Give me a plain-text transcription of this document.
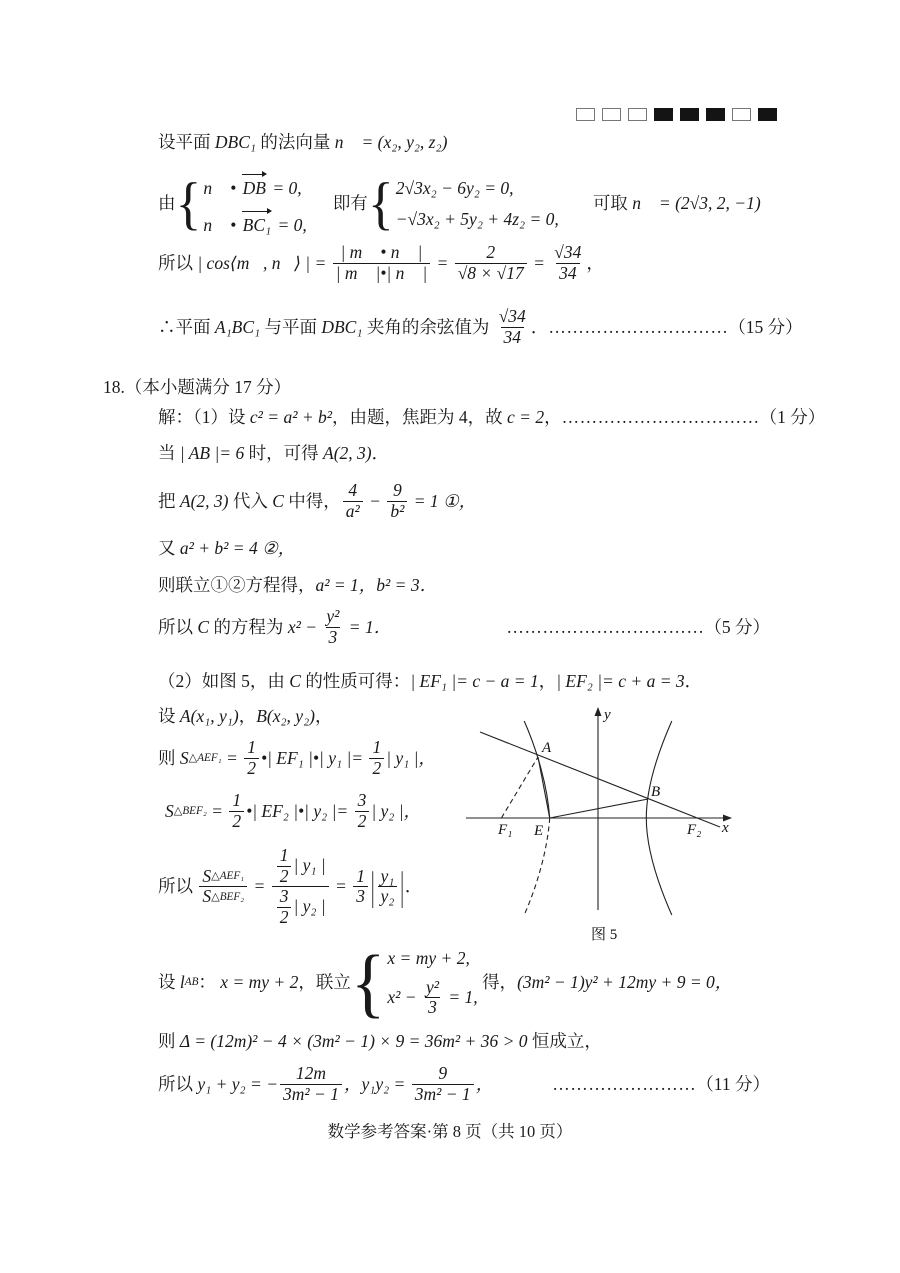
设平面 DBC₁ 的法向量 n⃗ = (x₂, y₂, z₂)，
由 { n⃗ • DB = 0,
n⃗ • BC₁ = 0,
即有 { 2√3x₂ − 6y₂ = 0,
−√3x₂ + 5y₂ + 4z₂ = 0,
可取 n⃗ = (2√3, 2, −1)；
所以 | cos⟨m⃗, n⃗⟩ | = $\frac{| m⃗ • n⃗ |}{| m⃗ |•| n⃗ |} = \frac{2}{√8 \times √17} = \frac{√34}{34}$ ，
∴平面 A₁BC₁ 与平面 DBC₁ 夹角的余弦值为 $\frac{√34}{34}$ ． ………………………… （15 分）
18.（本小题满分 17 分）
解：（1）设 c² = a² + b² ，由题，焦距为 4，故 c = 2 ， …………………………… （1 分）
当 | AB |= 6 时，可得 A(2, 3) ．
把 A(2, 3) 代入 C 中得， $\frac{4}{\text{a²}} - \frac{9}{\text{b²}} = 1$ ①，
又 a² + b² = 4 ②，
则联立①②方程得， a² = 1，b² = 3．
所以 C 的方程为 $x^2 - \frac{\text{y²}}{3} = 1$．	…………………………… （5 分）
（2）如图 5，由 C 的性质可得： | EF₁ |= c − a = 1 ， | EF₂ |= c + a = 3 ．
设 A(x₁, y₁) ， B(x₂, y₂) ，
则 S △AEF₁ = $\frac{1}{2}$ •| EF₁ |•| y₁ |= $\frac{1}{2}$ | y₁ |，
S △BEF₂ = $\frac{1}{2}$ •| EF₂ |•| y₂ |= $\frac{3}{2}$ | y₂ |，
所以
S △AEF₁
S △BEF₂
= $\frac{\frac{1}{2} | y_1 |}{\frac{3}{2} | y_2 |} = \frac{1}{3}$ | $\frac{\text{y₁}}{\text{y₂}}$ | ．
设 l AB ： x = my + 2 ，联立 { x = my + 2,
$x^2 - \frac{\text{y²}}{3} = 1$,
得， (3m² − 1)y² + 12my + 9 = 0，
则 Δ = (12m)² − 4 × (3m² − 1) × 9 = 36m² + 36 > 0 恒成立，
所以 y₁ + y₂ = − $\frac{12m}{\text{3m² − 1}}$ ，$y_1y_2 = \frac{9}{\text{3m² − 1}}$ ，	…………………… （11 分）
y
x
F₁ E	F₂
A
B
图 5
数学参考答案·第 8 页（共 10 页）
